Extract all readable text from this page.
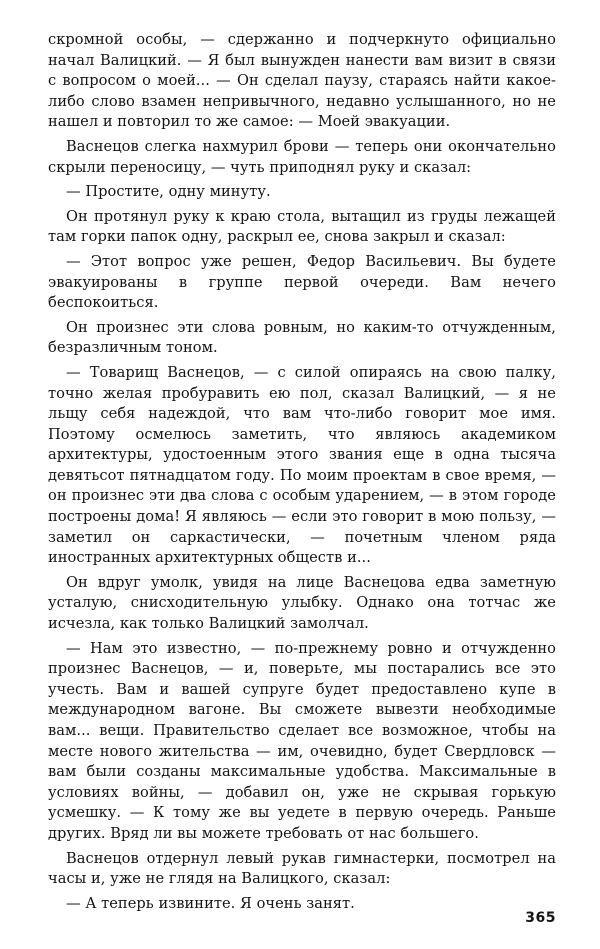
скромной особы, — сдержанно и подчеркнуто официально начал Валицкий. — Я был вынужден нанести вам визит в связи с вопросом о моей... — Он сделал паузу, стараясь найти какое-либо слово взамен непривычного, недавно услышанного, но не нашел и повторил то же самое: — Моей эвакуации.

Васнецов слегка нахмурил брови — теперь они окончательно скрыли переносицу, — чуть приподнял руку и сказал:

— Простите, одну минуту.

Он протянул руку к краю стола, вытащил из груды лежащей там горки папок одну, раскрыл ее, снова закрыл и сказал:

— Этот вопрос уже решен, Федор Васильевич. Вы будете эвакуированы в группе первой очереди. Вам нечего беспокоиться.

Он произнес эти слова ровным, но каким-то отчужденным, безразличным тоном.

— Товарищ Васнецов, — с силой опираясь на свою палку, точно желая пробуравить ею пол, сказал Валицкий, — я не льщу себя надеждой, что вам что-либо говорит мое имя. Поэтому осмелюсь заметить, что являюсь академиком архитектуры, удостоенным этого звания еще в одна тысяча девятьсот пятнадцатом году. По моим проектам в свое время, — он произнес эти два слова с особым ударением, — в этом городе построены дома! Я являюсь — если это говорит в мою пользу, — заметил он саркастически, — почетным членом ряда иностранных архитектурных обществ и...

Он вдруг умолк, увидя на лице Васнецова едва заметную усталую, снисходительную улыбку. Однако она тотчас же исчезла, как только Валицкий замолчал.

— Нам это известно, — по-прежнему ровно и отчужденно произнес Васнецов, — и, поверьте, мы постарались все это учесть. Вам и вашей супруге будет предоставлено купе в международном вагоне. Вы сможете вывезти необходимые вам... вещи. Правительство сделает все возможное, чтобы на месте нового жительства — им, очевидно, будет Свердловск — вам были созданы максимальные удобства. Максимальные в условиях войны, — добавил он, уже не скрывая горькую усмешку. — К тому же вы уедете в первую очередь. Раньше других. Вряд ли вы можете требовать от нас большего.

Васнецов отдернул левый рукав гимнастерки, посмотрел на часы и, уже не глядя на Валицкого, сказал:

— А теперь извините. Я очень занят.

365
